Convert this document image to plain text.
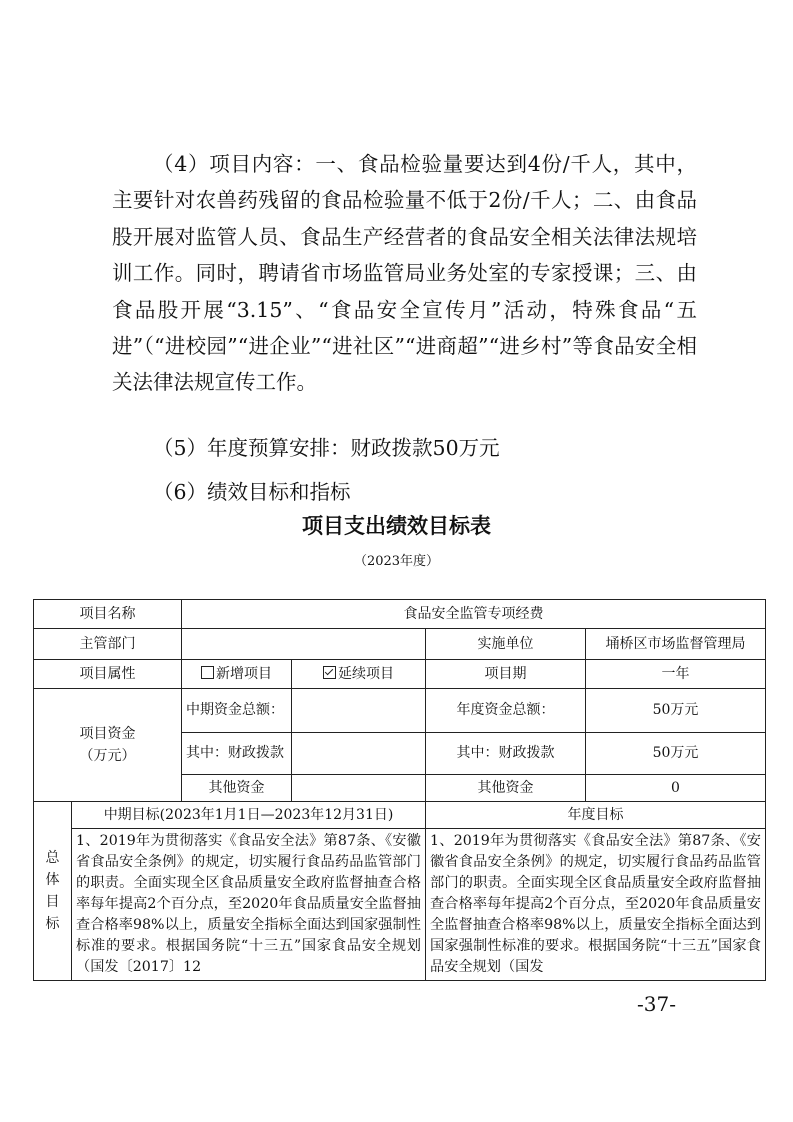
（4）项目内容：一、食品检验量要达到4份/千人，其中，主要针对农兽药残留的食品检验量不低于2份/千人；二、由食品股开展对监管人员、食品生产经营者的食品安全相关法律法规培训工作。同时，聘请省市场监管局业务处室的专家授课；三、由食品股开展“3.15”、“食品安全宣传月”活动，特殊食品“五进”（“进校园”“进企业”“进社区”“进商超”“进乡村”等食品安全相关法律法规宣传工作。

（5）年度预算安排：财政拨款50万元

（6）绩效目标和指标

项目支出绩效目标表

（2023年度）

项目名称		食品安全监管专项经费			
主管部门				实施单位	埇桥区市场监督管理局
项目属性		新增项目	延续项目	项目期	一年
项目资金（万元）		中期资金总额：		年度资金总额：	50万元
		其中：财政拨款		其中：财政拨款	50万元
		其他资金		其他资金	0
总体目标	中期目标(2023年1月1日—2023年12月31日)			年度目标	
	1、2019年为贯彻落实《食品安全法》第87条、《安徽省食品安全条例》的规定，切实履行食品药品监管部门的职责。全面实现全区食品质量安全政府监督抽查合格率每年提高2个百分点，至2020年食品质量安全监督抽查合格率98%以上，质量安全指标全面达到国家强制性标准的要求。根据国务院“十三五”国家食品安全规划（国发〔2017〕12			1、2019年为贯彻落实《食品安全法》第87条、《安徽省食品安全条例》的规定，切实履行食品药品监管部门的职责。全面实现全区食品质量安全政府监督抽查合格率每年提高2个百分点，至2020年食品质量安全监督抽查合格率98%以上，质量安全指标全面达到国家强制性标准的要求。根据国务院“十三五”国家食品安全规划（国发	

-37-
